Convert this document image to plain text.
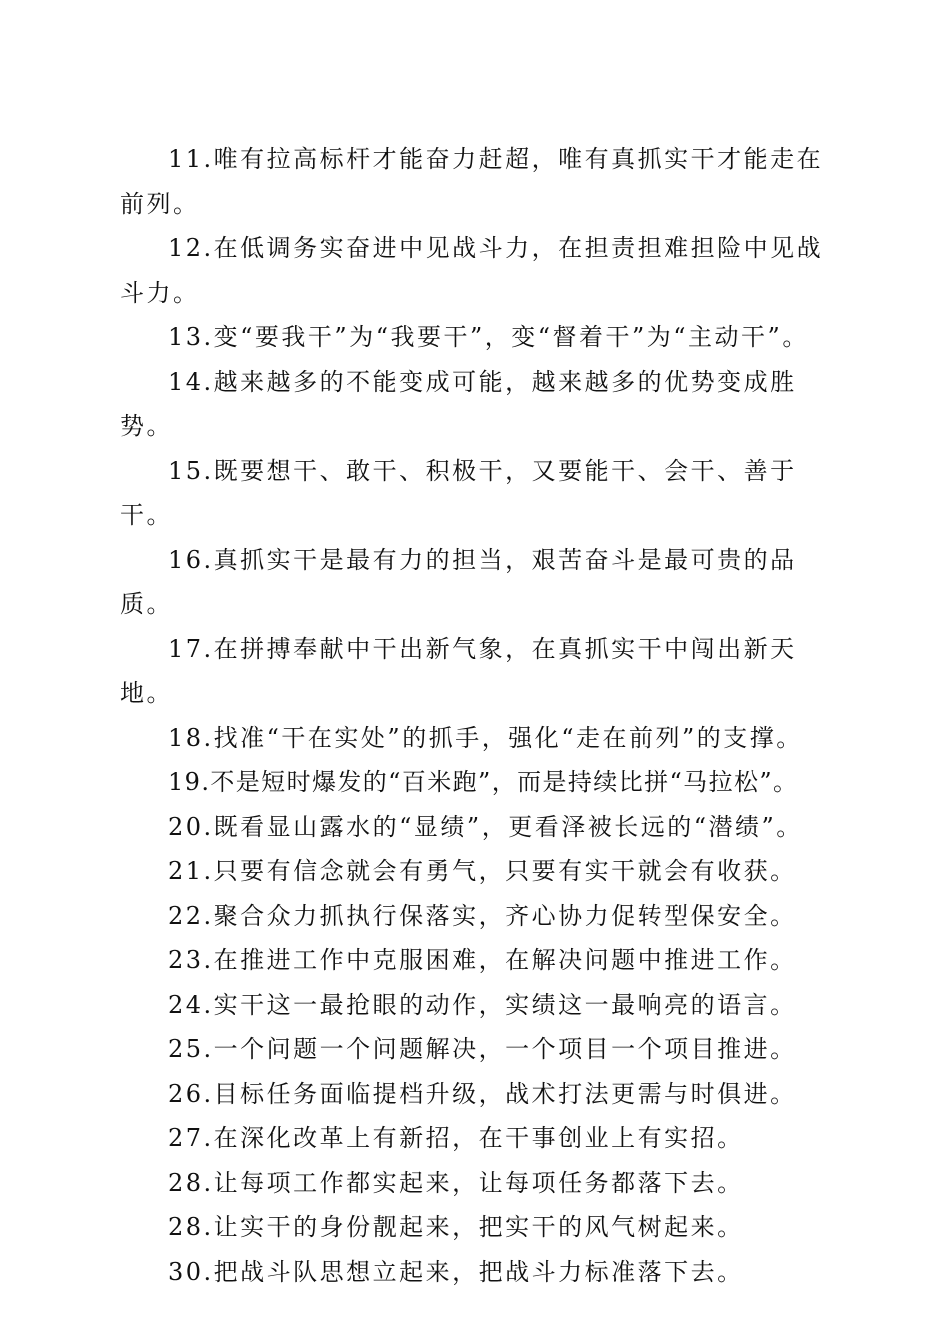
11.唯有拉高标杆才能奋力赶超，唯有真抓实干才能走在前列。

12.在低调务实奋进中见战斗力，在担责担难担险中见战斗力。

13.变“要我干”为“我要干”，变“督着干”为“主动干”。

14.越来越多的不能变成可能，越来越多的优势变成胜势。

15.既要想干、敢干、积极干，又要能干、会干、善于干。

16.真抓实干是最有力的担当，艰苦奋斗是最可贵的品质。

17.在拼搏奉献中干出新气象，在真抓实干中闯出新天地。

18.找准“干在实处”的抓手，强化“走在前列”的支撑。

19.不是短时爆发的“百米跑”，而是持续比拼“马拉松”。

20.既看显山露水的“显绩”，更看泽被长远的“潜绩”。

21.只要有信念就会有勇气，只要有实干就会有收获。

22.聚合众力抓执行保落实，齐心协力促转型保安全。

23.在推进工作中克服困难，在解决问题中推进工作。

24.实干这一最抢眼的动作，实绩这一最响亮的语言。

25.一个问题一个问题解决，一个项目一个项目推进。

26.目标任务面临提档升级，战术打法更需与时俱进。

27.在深化改革上有新招，在干事创业上有实招。

28.让每项工作都实起来，让每项任务都落下去。

28.让实干的身份靓起来，把实干的风气树起来。

30.把战斗队思想立起来，把战斗力标准落下去。
